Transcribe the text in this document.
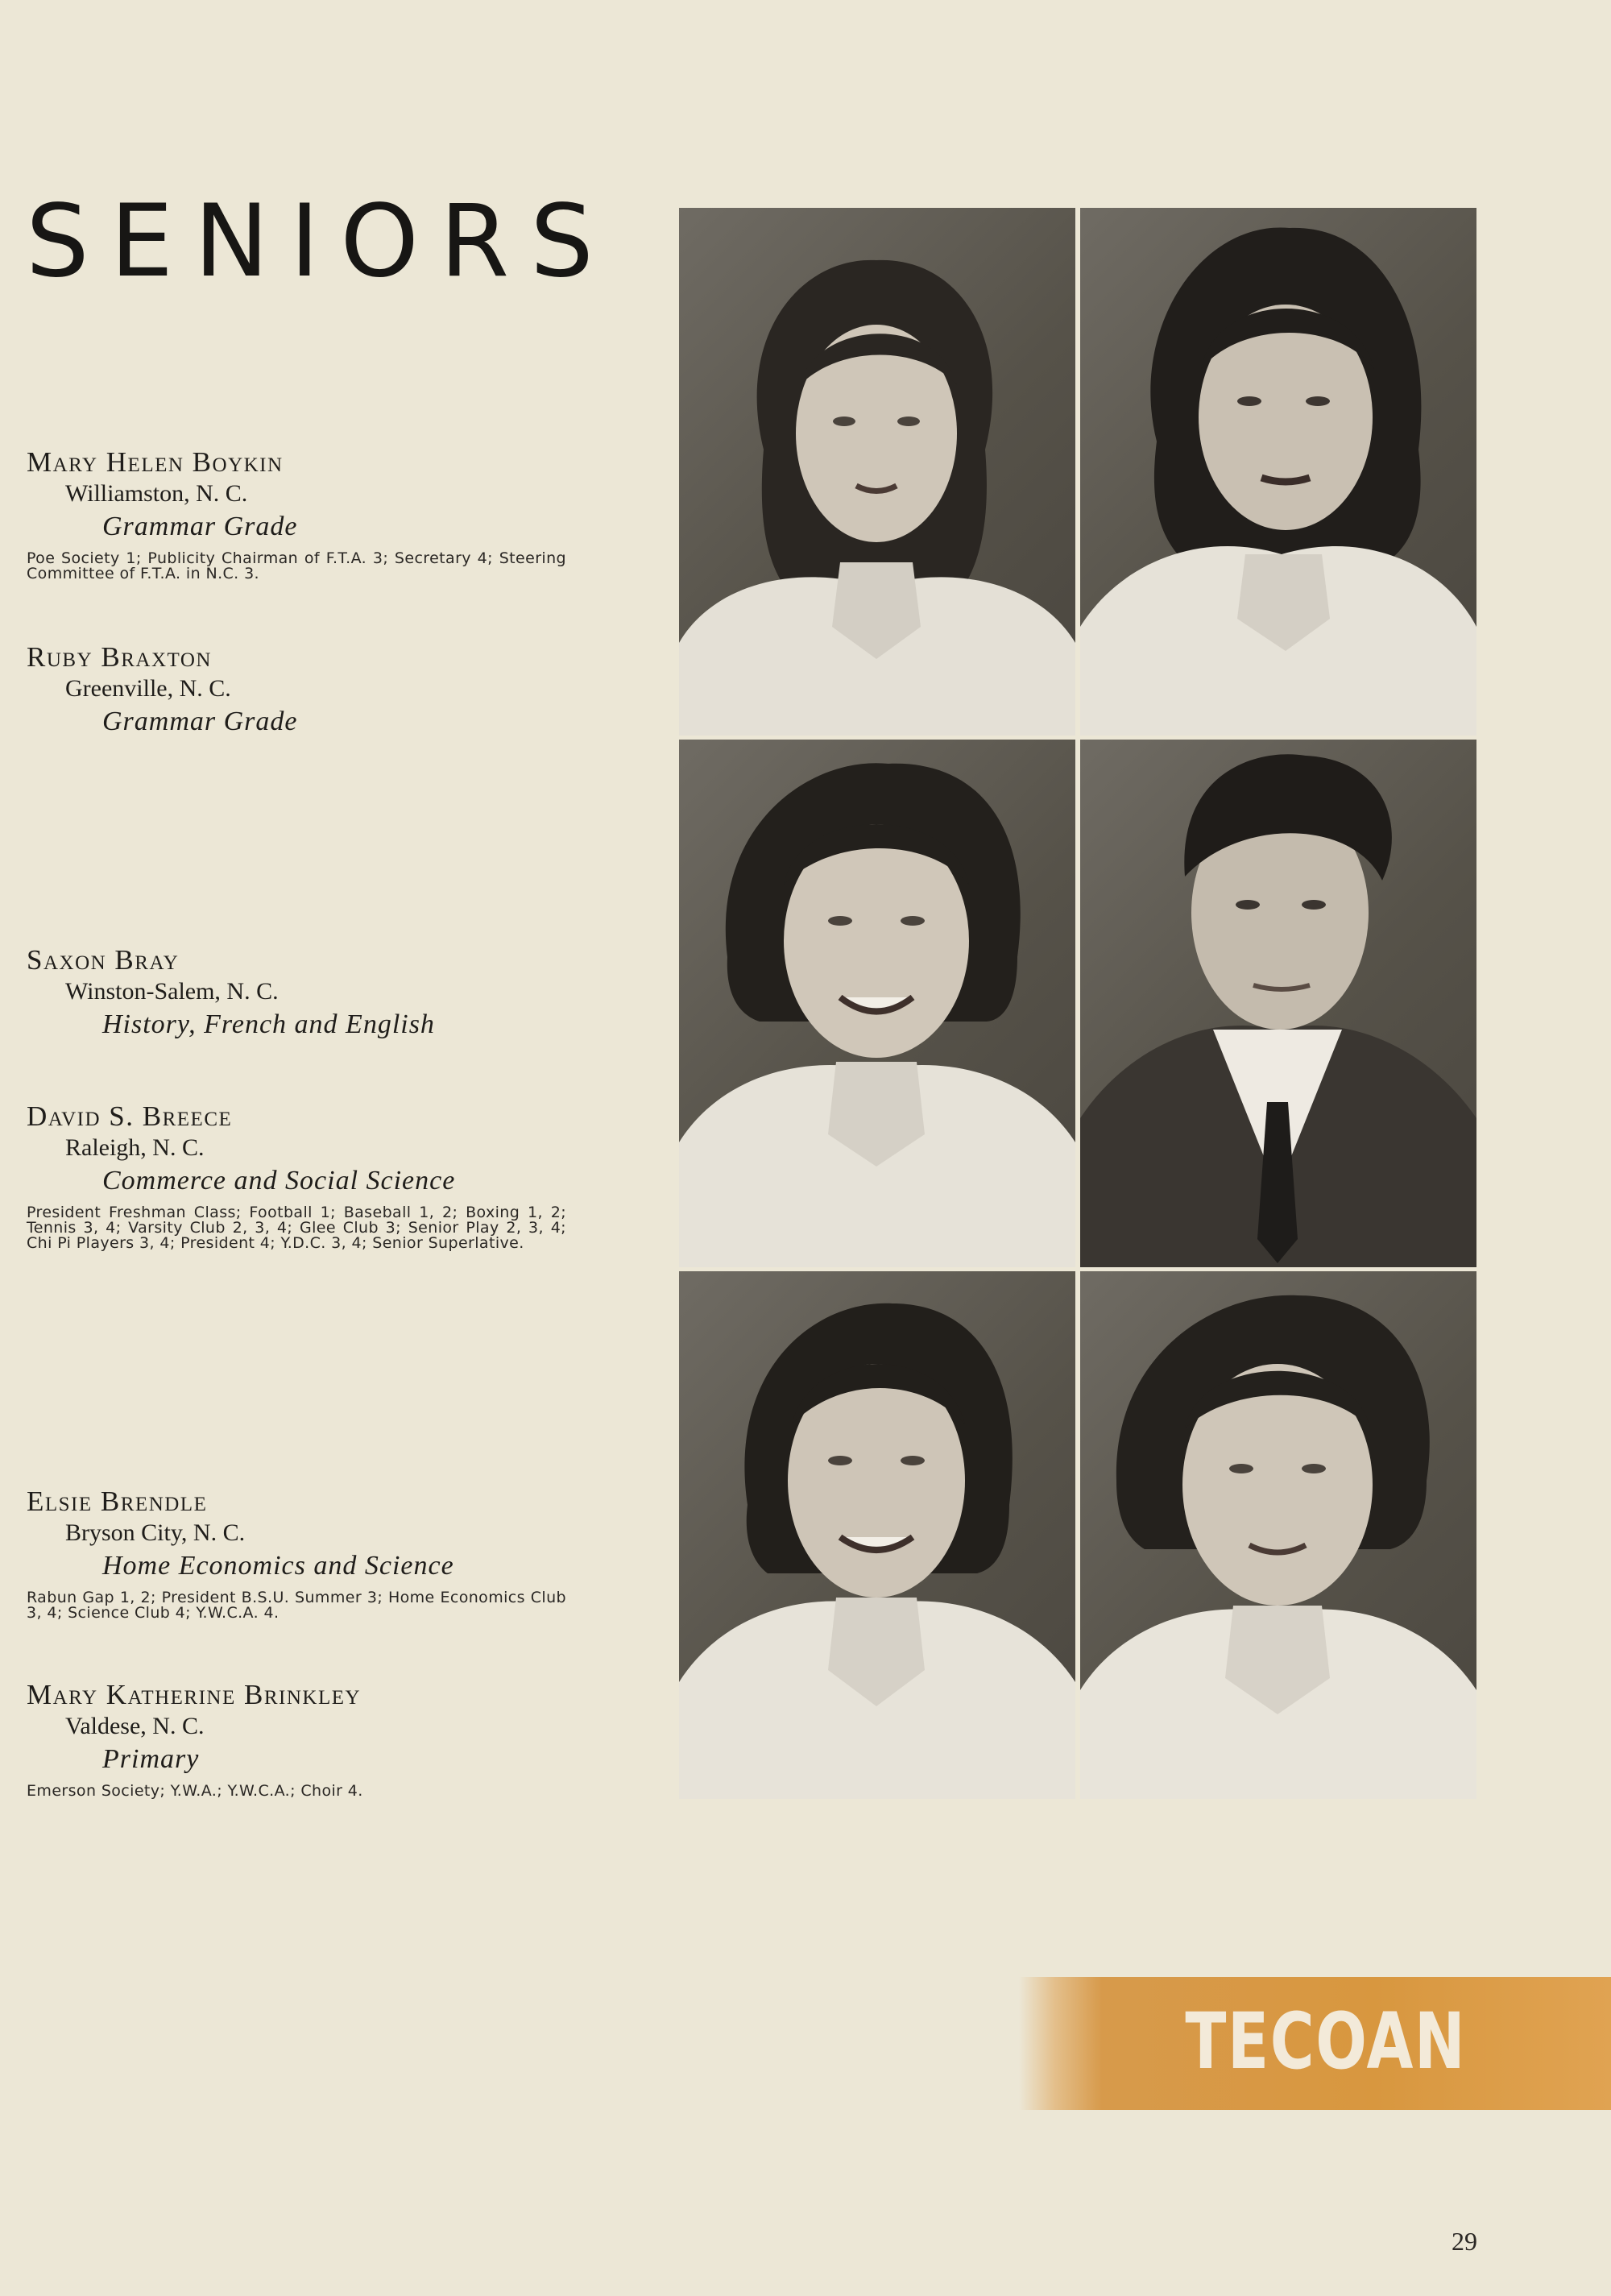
SENIORS
Mary Helen Boykin
Williamston, N. C.
Grammar Grade
Poe Society 1; Publicity Chairman of F.T.A. 3; Secretary 4; Steering Committee of F.T.A. in N.C. 3.
Ruby Braxton
Greenville, N. C.
Grammar Grade
Saxon Bray
Winston-Salem, N. C.
History, French and English
David S. Breece
Raleigh, N. C.
Commerce and Social Science
President Freshman Class; Football 1; Baseball 1, 2; Boxing 1, 2; Tennis 3, 4; Varsity Club 2, 3, 4; Glee Club 3; Senior Play 2, 3, 4; Chi Pi Players 3, 4; President 4; Y.D.C. 3, 4; Senior Superlative.
Elsie Brendle
Bryson City, N. C.
Home Economics and Science
Rabun Gap 1, 2; President B.S.U. Summer 3; Home Economics Club 3, 4; Science Club 4; Y.W.C.A. 4.
Mary Katherine Brinkley
Valdese, N. C.
Primary
Emerson Society; Y.W.A.; Y.W.C.A.; Choir 4.
TECOAN
29
